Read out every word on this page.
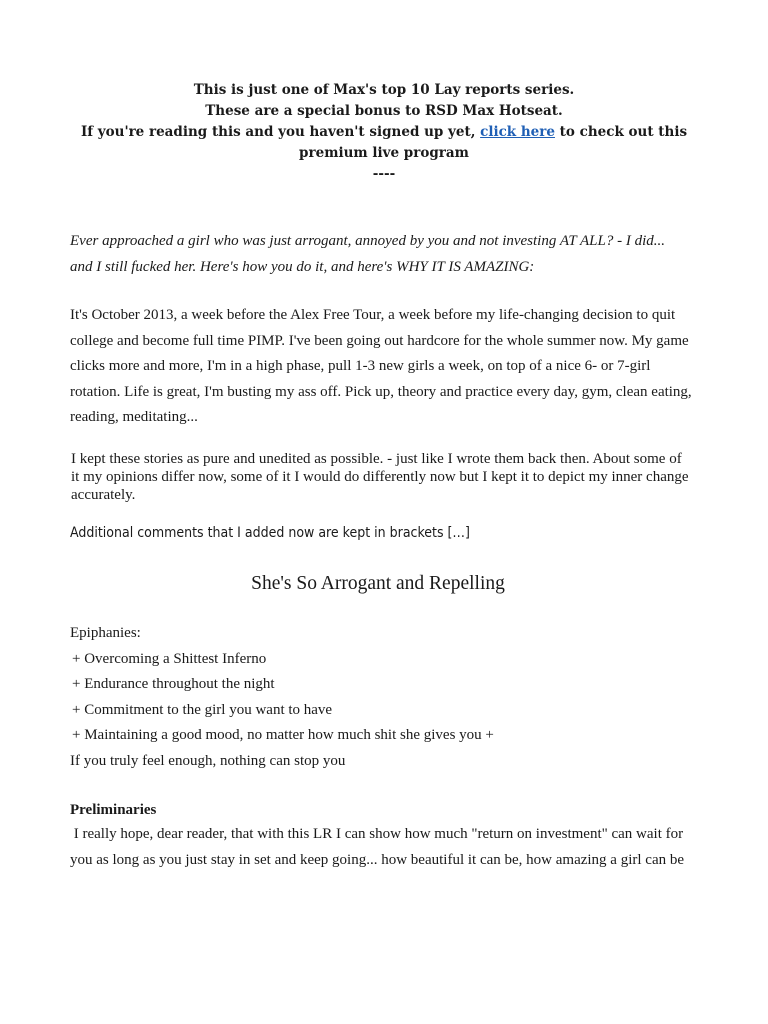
This is just one of Max's top 10 Lay reports series.
These are a special bonus to RSD Max Hotseat.
If you're reading this and you haven't signed up yet, click here to check out this premium live program
----
Ever approached a girl who was just arrogant, annoyed by you and not investing AT ALL? - I did...
and I still fucked her. Here's how you do it, and here's WHY IT IS AMAZING:
It's October 2013, a week before the Alex Free Tour, a week before my life-changing decision to quit
college and become full time PIMP. I've been going out hardcore for the whole summer now. My game
clicks more and more, I'm in a high phase, pull 1-3 new girls a week, on top of a nice 6- or 7-girl
rotation. Life is great, I'm busting my ass off. Pick up, theory and practice every day, gym, clean eating,
reading, meditating...
I kept these stories as pure and unedited as possible. - just like I wrote them back then. About some of
it my opinions differ now, some of it I would do differently now but I kept it to depict my inner change
accurately.
Additional comments that I added now are kept in brackets […]
She's So Arrogant and Repelling
Epiphanies:
+ Overcoming a Shittest Inferno
+ Endurance throughout the night
+ Commitment to the girl you want to have
+ Maintaining a good mood, no matter how much shit she gives you +
If you truly feel enough, nothing can stop you
Preliminaries
I really hope, dear reader, that with this LR I can show how much "return on investment" can wait for
you as long as you just stay in set and keep going... how beautiful it can be, how amazing a girl can be
